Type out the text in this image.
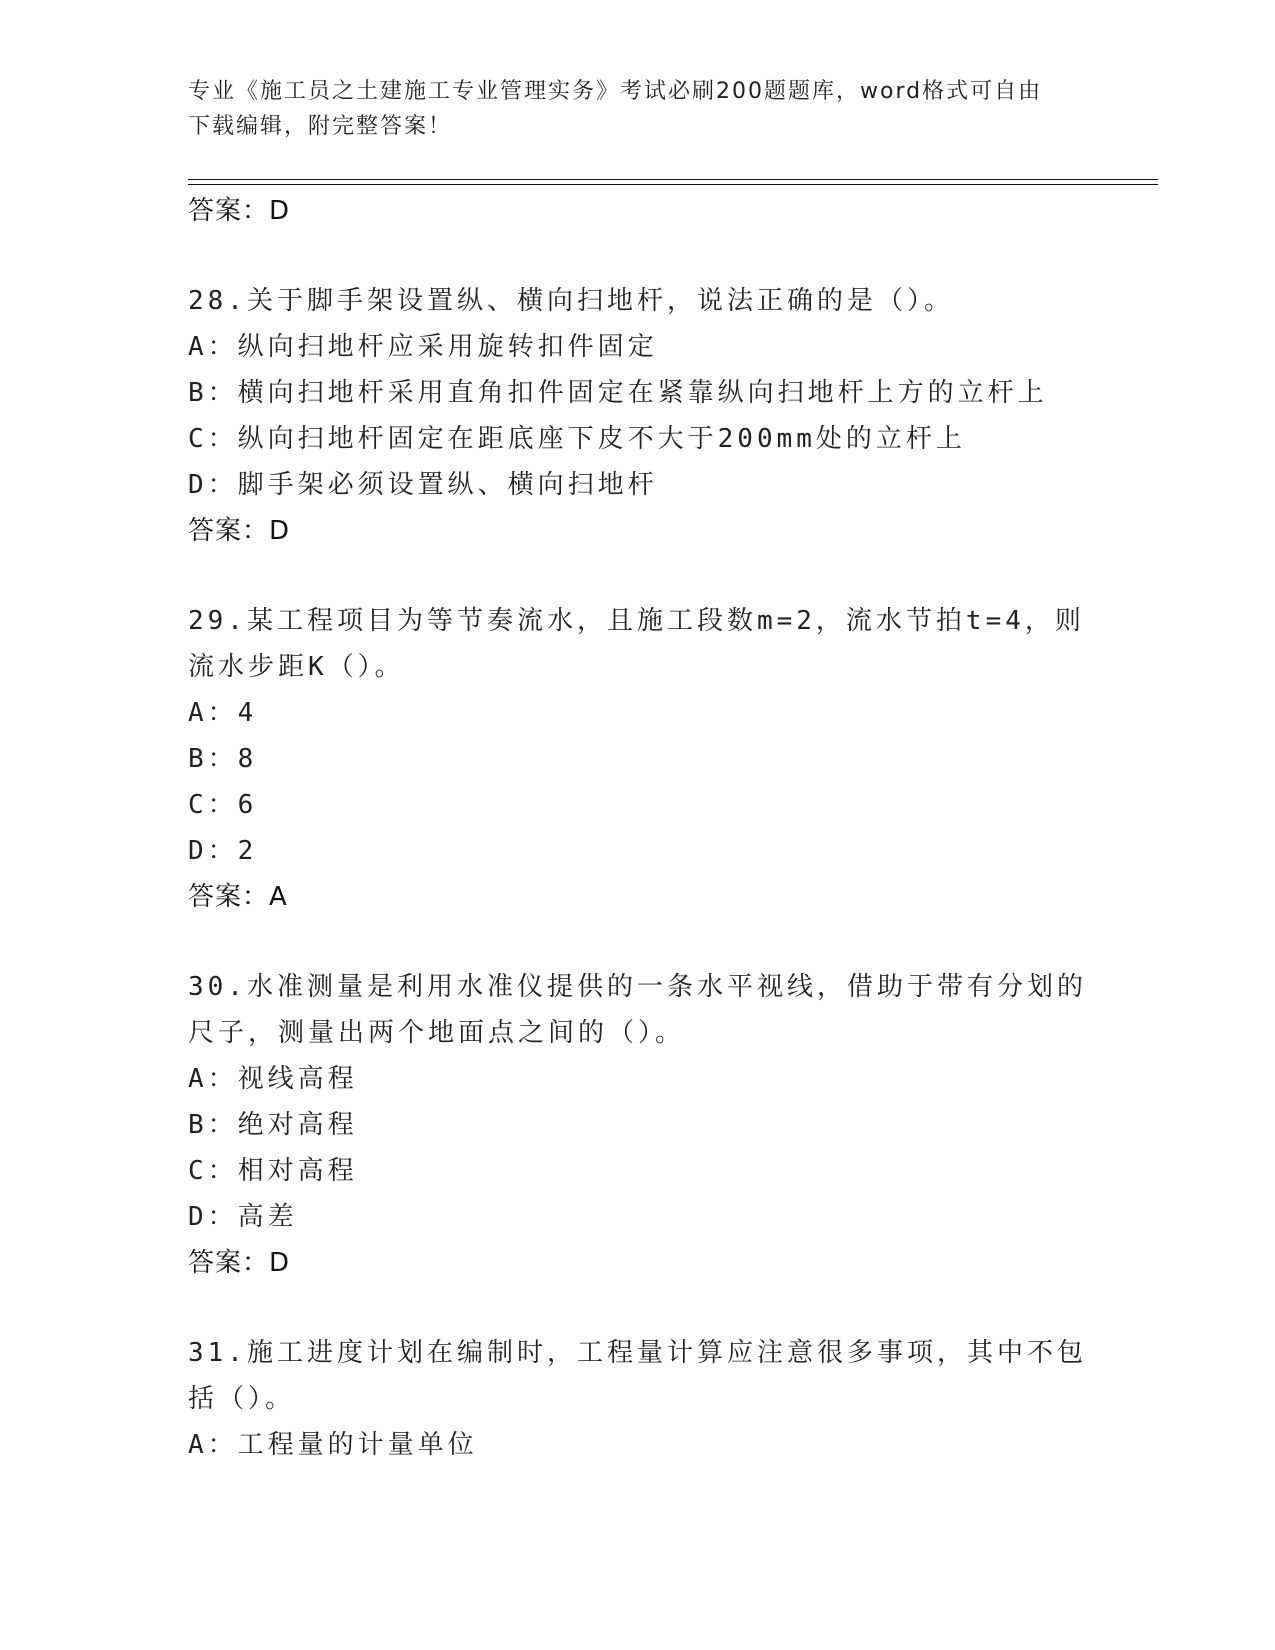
专业《施工员之土建施工专业管理实务》考试必刷200题题库，word格式可自由
下载编辑，附完整答案！
答案：D

28.关于脚手架设置纵、横向扫地杆，说法正确的是（）。

A：纵向扫地杆应采用旋转扣件固定
B：横向扫地杆采用直角扣件固定在紧靠纵向扫地杆上方的立杆上
C：纵向扫地杆固定在距底座下皮不大于200mm处的立杆上
D：脚手架必须设置纵、横向扫地杆
答案：D

29.某工程项目为等节奏流水，且施工段数m=2，流水节拍t=4，则流水步距K（）。

A：4
B：8
C：6
D：2
答案：A

30.水准测量是利用水准仪提供的一条水平视线，借助于带有分划的尺子，测量出两个地面点之间的（）。

A：视线高程
B：绝对高程
C：相对高程
D：高差
答案：D

31.施工进度计划在编制时，工程量计算应注意很多事项，其中不包括（）。

A：工程量的计量单位
